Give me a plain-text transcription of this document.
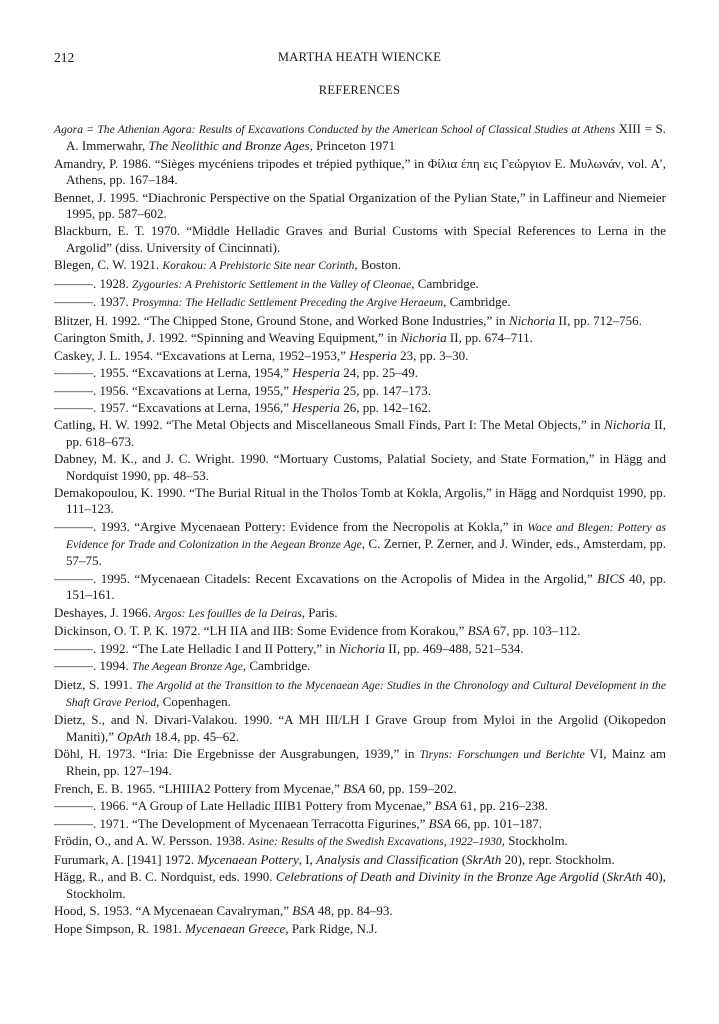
212	MARTHA HEATH WIENCKE
REFERENCES

Agora = The Athenian Agora: Results of Excavations Conducted by the American School of Classical Studies at Athens XIII = S. A. Immerwahr, The Neolithic and Bronze Ages, Princeton 1971

Amandry, P. 1986. “Sièges mycéniens tripodes et trépied pythique,” in Φίλια έπη εις Γεώργιον Ε. Μυλωνάν, vol. A′, Athens, pp. 167–184.

Bennet, J. 1995. “Diachronic Perspective on the Spatial Organization of the Pylian State,” in Laffineur and Niemeier 1995, pp. 587–602.

Blackburn, E. T. 1970. “Middle Helladic Graves and Burial Customs with Special References to Lerna in the Argolid” (diss. University of Cincinnati).

Blegen, C. W. 1921. Korakou: A Prehistoric Site near Corinth, Boston.

———. 1928. Zygouries: A Prehistoric Settlement in the Valley of Cleonae, Cambridge.

———. 1937. Prosymna: The Helladic Settlement Preceding the Argive Heraeum, Cambridge.

Blitzer, H. 1992. “The Chipped Stone, Ground Stone, and Worked Bone Industries,” in Nichoria II, pp. 712–756.

Carington Smith, J. 1992. “Spinning and Weaving Equipment,” in Nichoria II, pp. 674–711.

Caskey, J. L. 1954. “Excavations at Lerna, 1952–1953,” Hesperia 23, pp. 3–30.

———. 1955. “Excavations at Lerna, 1954,” Hesperia 24, pp. 25–49.

———. 1956. “Excavations at Lerna, 1955,” Hesperia 25, pp. 147–173.

———. 1957. “Excavations at Lerna, 1956,” Hesperia 26, pp. 142–162.

Catling, H. W. 1992. “The Metal Objects and Miscellaneous Small Finds, Part I: The Metal Objects,” in Nichoria II, pp. 618–673.

Dabney, M. K., and J. C. Wright. 1990. “Mortuary Customs, Palatial Society, and State Formation,” in Hägg and Nordquist 1990, pp. 48–53.

Demakopoulou, K. 1990. “The Burial Ritual in the Tholos Tomb at Kokla, Argolis,” in Hägg and Nordquist 1990, pp. 111–123.

———. 1993. “Argive Mycenaean Pottery: Evidence from the Necropolis at Kokla,” in Wace and Blegen: Pottery as Evidence for Trade and Colonization in the Aegean Bronze Age, C. Zerner, P. Zerner, and J. Winder, eds., Amsterdam, pp. 57–75.

———. 1995. “Mycenaean Citadels: Recent Excavations on the Acropolis of Midea in the Argolid,” BICS 40, pp. 151–161.

Deshayes, J. 1966. Argos: Les fouilles de la Deiras, Paris.

Dickinson, O. T. P. K. 1972. “LH IIA and IIB: Some Evidence from Korakou,” BSA 67, pp. 103–112.

———. 1992. “The Late Helladic I and II Pottery,” in Nichoria II, pp. 469–488, 521–534.

———. 1994. The Aegean Bronze Age, Cambridge.

Dietz, S. 1991. The Argolid at the Transition to the Mycenaean Age: Studies in the Chronology and Cultural Development in the Shaft Grave Period, Copenhagen.

Dietz, S., and N. Divari-Valakou. 1990. “A MH III/LH I Grave Group from Myloi in the Argolid (Oikopedon Maniti),” OpAth 18.4, pp. 45–62.

Döhl, H. 1973. “Iria: Die Ergebnisse der Ausgrabungen, 1939,” in Tiryns: Forschungen und Berichte VI, Mainz am Rhein, pp. 127–194.

French, E. B. 1965. “LHIIIA2 Pottery from Mycenae,” BSA 60, pp. 159–202.

———. 1966. “A Group of Late Helladic IIIB1 Pottery from Mycenae,” BSA 61, pp. 216–238.

———. 1971. “The Development of Mycenaean Terracotta Figurines,” BSA 66, pp. 101–187.

Frödin, O., and A. W. Persson. 1938. Asine: Results of the Swedish Excavations, 1922–1930, Stockholm.

Furumark, A. [1941] 1972. Mycenaean Pottery, I, Analysis and Classification (SkrAth 20), repr. Stockholm.

Hägg, R., and B. C. Nordquist, eds. 1990. Celebrations of Death and Divinity in the Bronze Age Argolid (SkrAth 40), Stockholm.

Hood, S. 1953. “A Mycenaean Cavalryman,” BSA 48, pp. 84–93.

Hope Simpson, R. 1981. Mycenaean Greece, Park Ridge, N.J.
